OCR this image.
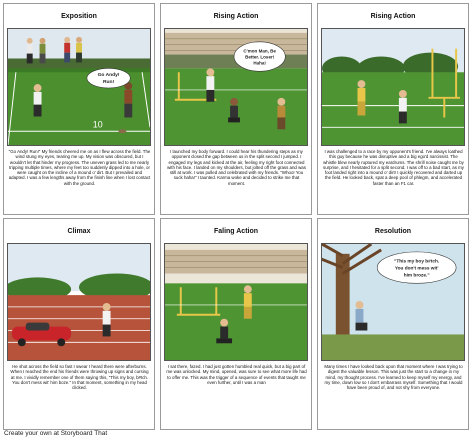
Exposition
10
Go Andy!
Run!
"Go Andy! Run!" My friends cheered me on as I flew across the field. The wind stung my eyes, tearing me up. My vision was obscured, but I wouldn't let that hinder my progress. The uneven grass led to me nearly tripping multiple times, where my feet too suddenly dipped into a hole, or were caught on the incline of a mound o' dirt. But I prevailed and adapted. I was a few lengths away from the finish line when I lost contact with the ground.
Rising Action
C'mon Man, Be
Better. Loser!
Haha!
I launched my body forward. I could hear his thundering steps as my opponent closed the gap between us in the split second I jumped. I engaged my legs and kicked at the air, feeling my right foot connected with his face. I landed on my shoulders, but jolted off the grass and was still at work. I was pulled and celebrated with my friends. "Whoo! You suck haha!" I taunted. Karma woke and decided to strike me that moment.
Rising Action
I was challenged to a race by my opponent's friend. I've always loathed this guy because he was disruptive and a big ego'd narcissist. The whistle blew nearly ruptured my eardrums. The shrill noise caught me by surprise, and I hesitated for a split second. I was off to a bad start, as my foot landed right into a mound o' dirt! I quickly recovered and darted up the field. He looked back, spat a deep pool of phlegm, and accelerated faster than an F1 car.
Climax
He shot across the field so fast I swear I heard there were afterburns. When I reached the end his friends were throwing up signs and cursing at me. I vividly remember one of them saying this, "This my boy, b#tch. You don't mess wit' him boze." In that moment, something in my head clicked.
Faling Action
I sat there, fazed. I had just gotten humbled real quick, but a big part of me was unlocked. My mind, opened, was sure to see what more life had to offer me. This was the trigger of a sequence of events that taught me even further, until I was a man
Resolution
"This my boy b#tch.
You don't mess wit'
him broze."
Many times I have looked back upon that moment where I was trying to digest the valuable lesson. This was just the start to a change in my mind, my thought process. I've learned to keep myself my energy, and my time, down low so I don't embarrass myself. Something that I would have been proud of, and not shy from everyone.
Create your own at Storyboard That
